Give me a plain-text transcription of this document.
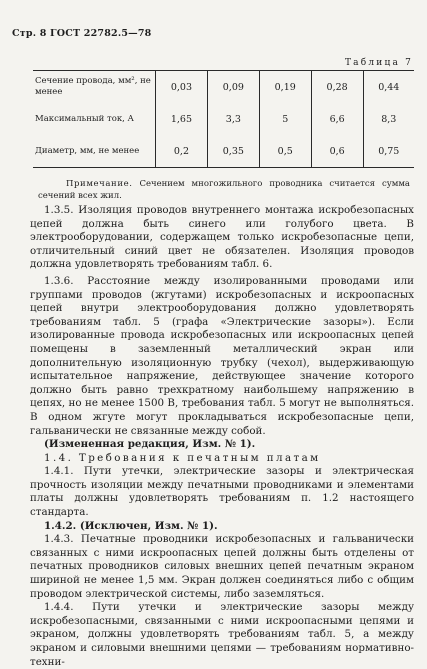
Стр. 8 ГОСТ 22782.5—78
Таблица 7
Сечение провода, мм², не менее	0,03	0,09	0,19	0,28	0,44
Максимальный ток, А	1,65	3,3	5	6,6	8,3
Диаметр, мм, не менее	0,2	0,35	0,5	0,6	0,75
Примечание. Сечением многожильного проводника считается сумма сечений всех жил.

1.3.5. Изоляция проводов внутреннего монтажа искробезопасных цепей должна быть синего или голубого цвета. В электрооборудовании, содержащем только искробезопасные цепи, отличительный синий цвет не обязателен. Изоляция проводов должна удовлетворять требованиям табл. 6.

1.3.6. Расстояние между изолированными проводами или группами проводов (жгутами) искробезопасных и искроопасных цепей внутри электрооборудования должно удовлетворять требованиям табл. 5 (графа «Электрические зазоры»). Если изолированные провода искробезопасных или искроопасных цепей помещены в заземленный металлический экран или дополнительную изоляционную трубку (чехол), выдерживающую испытательное напряжение, действующее значение которого должно быть равно трехкратному наибольшему напряжению в цепях, но не менее 1500 В, требования табл. 5 могут не выполняться. В одном жгуте могут прокладываться искробезопасные цепи, гальванически не связанные между собой.

(Измененная редакция, Изм. № 1).

1.4. Требования к печатным платам

1.4.1. Пути утечки, электрические зазоры и электрическая прочность изоляции между печатными проводниками и элементами платы должны удовлетворять требованиям п. 1.2 настоящего стандарта.

1.4.2. (Исключен, Изм. № 1).

1.4.3. Печатные проводники искробезопасных и гальванически связанных с ними искроопасных цепей должны быть отделены от печатных проводников силовых внешних цепей печатным экраном шириной не менее 1,5 мм. Экран должен соединяться либо с общим проводом электрической системы, либо заземляться.

1.4.4. Пути утечки и электрические зазоры между искробезопасными, связанными с ними искроопасными цепями и экраном, должны удовлетворять требованиям табл. 5, а между экраном и силовыми внешними цепями — требованиям нормативно-техни-
